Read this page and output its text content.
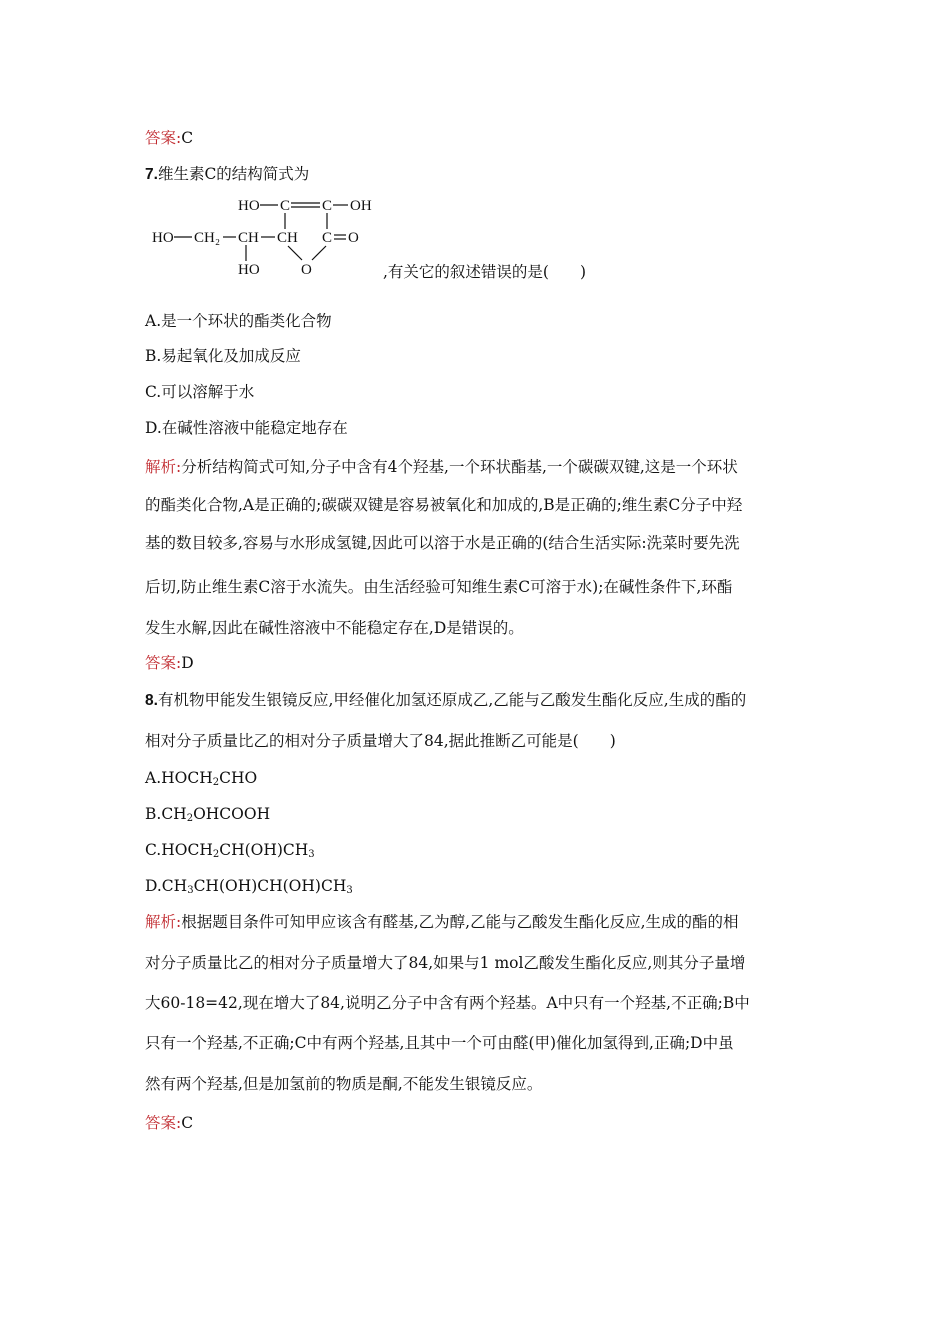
答案:C
7.维生素C的结构简式为
HO C C OH
HO CH₂ CH CH C O
HO	O	,有关它的叙述错误的是(　　)
A.是一个环状的酯类化合物
B.易起氧化及加成反应
C.可以溶解于水
D.在碱性溶液中能稳定地存在
解析:分析结构简式可知,分子中含有4个羟基,一个环状酯基,一个碳碳双键,这是一个环状
的酯类化合物,A是正确的;碳碳双键是容易被氧化和加成的,B是正确的;维生素C分子中羟
基的数目较多,容易与水形成氢键,因此可以溶于水是正确的(结合生活实际:洗菜时要先洗
后切,防止维生素C溶于水流失。由生活经验可知维生素C可溶于水);在碱性条件下,环酯
发生水解,因此在碱性溶液中不能稳定存在,D是错误的。
答案:D
8.有机物甲能发生银镜反应,甲经催化加氢还原成乙,乙能与乙酸发生酯化反应,生成的酯的
相对分子质量比乙的相对分子质量增大了84,据此推断乙可能是(　　)
$A.HOCH_2CHO$
$B.CH_2OHCOOH$
$C.HOCH_2CH(OH)CH_3$
$D.CH_3CH(OH)CH(OH)CH_3$
解析:根据题目条件可知甲应该含有醛基,乙为醇,乙能与乙酸发生酯化反应,生成的酯的相
对分子质量比乙的相对分子质量增大了84,如果与1 mol乙酸发生酯化反应,则其分子量增
大60-18=42,现在增大了84,说明乙分子中含有两个羟基。A中只有一个羟基,不正确;B中
只有一个羟基,不正确;C中有两个羟基,且其中一个可由醛(甲)催化加氢得到,正确;D中虽
然有两个羟基,但是加氢前的物质是酮,不能发生银镜反应。
答案:C
